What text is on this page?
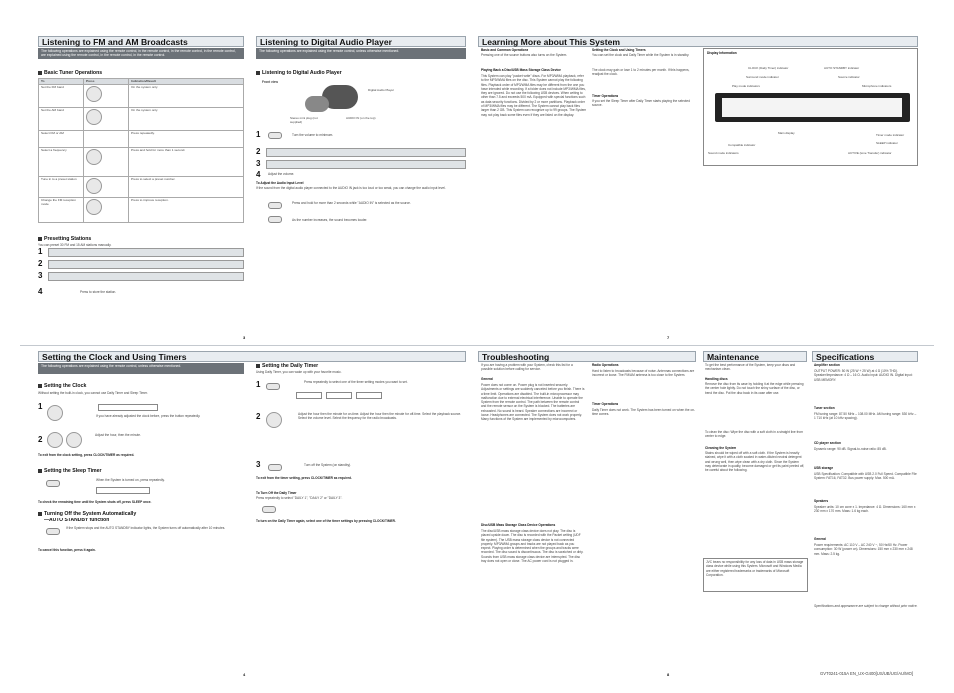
Listening to FM and AM Broadcasts
The following operations are explained using the remote control, in the remote control, in the remote control, in the remote control, are explained using the remote control, in the remote control, in the remote control.
Basic Tuner Operations
To	Press	Indication/Result
Set the FM band		On the system only.
Set the AM band		On the system only.
Select FM or AM		Press repeatedly.
Select a frequency		Press and hold for more than 1 second.
Tune in to a preset station		Press to select a preset number.
Change the FM reception mode		Press to improve reception.
Presetting Stations
You can preset 30 FM and 15 AM stations manually.
1
2
3
4	Press to store the station.
3
Listening to Digital Audio Player
The following operations are explained using the remote control, unless otherwise mentioned.
Listening to Digital Audio Player
Front view
Digital Audio Player
Stereo mini plug (not supplied)
AUDIO IN (on the top)
1	Turn the volume to minimum.
2
3
4 Adjust the volume.
To Adjust the Audio Input Level
If the sound from the digital audio player connected to the AUDIO IN jack is too loud or too weak, you can change the audio input level.
Press and hold for more than 2 seconds while "AUDIO IN" is selected as the source.
As the number increases, the sound becomes louder.
Learning More about This System
Basic and Common Operations
Pressing one of the source buttons also turns on the System.
Playing Back a Disc/USB Mass Storage Class Device
This System can play "packet write" discs. For MP3/WMA playback, refer to the MP3/WMA files on the disc. This System cannot play the following files. Playback order of MP3/WMA files may be different from the one you have intended while recording. If a folder does not include MP3/WMA files, they are ignored. Do not use the following USB devices. When writing to other than 7.5 and exceeds 500 mA. Equipped with special functions such as data security functions. Divided by 2 or more partitions. Playback order of MP3/WMA files may be different. The System cannot play back files larger than 2 GB. This System can recognize up to 99 groups. The System may not play back some files even if they are listed on the display.
Setting the Clock and Using Timers
You can set the clock and Daily Timer while the System is in standby.
The clock may gain or lose 1 to 2 minutes per month. If this happens, readjust the clock.
Timer Operations
If you set the Sleep Timer after Daily Timer starts playing the selected source.
Display Information
Main display
CLOCK (Daily Timer) indicator	AUTO STANDBY indicator
Surround mode indicator	Source indicator
Play mode indicators	Microphone indicators
Timer mode indicator
SLEEP indicator
ACTIVE (tone Transfer) indicator
Compatible indicator
Sound mode indicators
7
Setting the Clock and Using Timers
The following operations are explained using the remote control, unless otherwise mentioned.
Setting the Clock
Without setting the built-in clock, you cannot use Daily Timer and Sleep Timer.
1
If you have already adjusted the clock before, press the button repeatedly.
2	Adjust the hour, then the minute.
To exit from the clock setting, press CLOCK/TIMER as required.
Setting the Sleep Timer
When the System is turned on, press repeatedly.
To check the remaining time until the System shuts off, press SLEEP once.
Turning Off the System Automatically
—AUTO STANDBY function
If the System stops and the AUTO STANDBY indicator lights, the System turns off automatically after 10 minutes.
To cancel this function, press it again.
4
Setting the Daily Timer
Using Daily Timer, you can wake up with your favorite music.
1	Press repeatedly to select one of the timer setting modes you want to set.
2	Adjust the hour then the minute for on-time. Adjust the hour then the minute for off-time. Select the playback source. Select the volume level. Select the frequency for the radio broadcasts.
3	Turn off the System (on standby).
To exit from the timer setting, press CLOCK/TIMER as required.
To Turn Off the Daily Timer
Press repeatedly to select "DAILY 1", "DAILY 2" or "DAILY 3".
To turn on the Daily Timer again, select one of the timer settings by pressing CLOCK/TIMER.
Troubleshooting
If you are having a problem with your System, check this list for a possible solution before calling for service.
General
Power does not come on. Power plug is not inserted securely. Adjustments or settings are suddenly canceled before you finish. There is a time limit. Operations are disabled. The built-in microprocessor may malfunction due to external electrical interference. Unable to operate the System from the remote control. The path between the remote control and the remote sensor on the System is blocked. The batteries are exhausted. No sound is heard. Speaker connections are incorrect or loose. Headphones are connected. The System does not work properly. Many functions of the System are implemented by microcomputers.
Disc/USB Mass Storage Class Device Operations
The disc/USB mass storage class device does not play. The disc is placed upside down. The disc is recorded with the Packet writing (UDF file system). The USB mass storage class device is not connected properly. MP3/WMA groups and tracks are not played back as you expect. Playing order is determined when the groups and tracks were recorded. The disc sound is discontinuous. The disc is scratched or dirty. Sounds from USB mass storage class device are interrupted. The disc tray does not open or close. The AC power cord is not plugged in.
Radio Operations
Hard to listen to broadcasts because of noise. Antennas connections are incorrect or loose. The FM/AM antenna is too close to the System.
Timer Operations
Daily Timer does not work. The System has been turned on when the on-time comes.
8
Maintenance
To get the best performance of the System, keep your discs and mechanism clean.
Handling discs
Remove the disc from its case by holding it at the edge while pressing the center hole lightly. Do not touch the shiny surface of the disc, or bend the disc. Put the disc back in its case after use.
To clean the disc: Wipe the disc with a soft cloth in a straight line from center to edge.
Cleaning the System
Stains should be wiped off with a soft cloth. If the System is heavily stained, wipe it with a cloth soaked in water-diluted neutral detergent and wrung well, then wipe clean with a dry cloth. Since the System may deteriorate in quality, become damaged or get its paint peeled off, be careful about the following.
Specifications
Amplifier section
OUTPUT POWER: 50 W (25 W + 25 W) at 4 Ω (10% THD). Speaker/Impedance: 4 Ω – 16 Ω. Audio input: AUDIO IN. Digital input: USB MEMORY.
Tuner section
FM tuning range: 87.50 MHz – 108.00 MHz. AM tuning range: 530 kHz – 1 710 kHz (at 10 kHz spacing).
CD player section
Dynamic range: 90 dB. Signal-to-noise ratio: 85 dB.
USB storage
USB Specification: Compatible with USB 2.0 Full Speed. Compatible File System: FAT16, FAT32. Bus power supply: Max. 500 mA.
Speakers
Speaker units: 10 cm cone x 1. Impedance: 4 Ω. Dimensions: 160 mm x 230 mm x 170 mm. Mass: 1.6 kg each.
General
Power requirements: AC 110 V – AC 240 V ~, 50 Hz/60 Hz. Power consumption: 30 W (power on). Dimensions: 150 mm x 230 mm x 248 mm. Mass: 2.5 kg.
Specifications and appearance are subject to change without prior notice.
JVC bears no responsibility for any loss of data in USB mass storage class device while using this System. Microsoft and Windows Media are either registered trademarks or trademarks of Microsoft Corporation.
GVT0241-015A EN_UX-G400[US/UB/UG/AU/MO]
